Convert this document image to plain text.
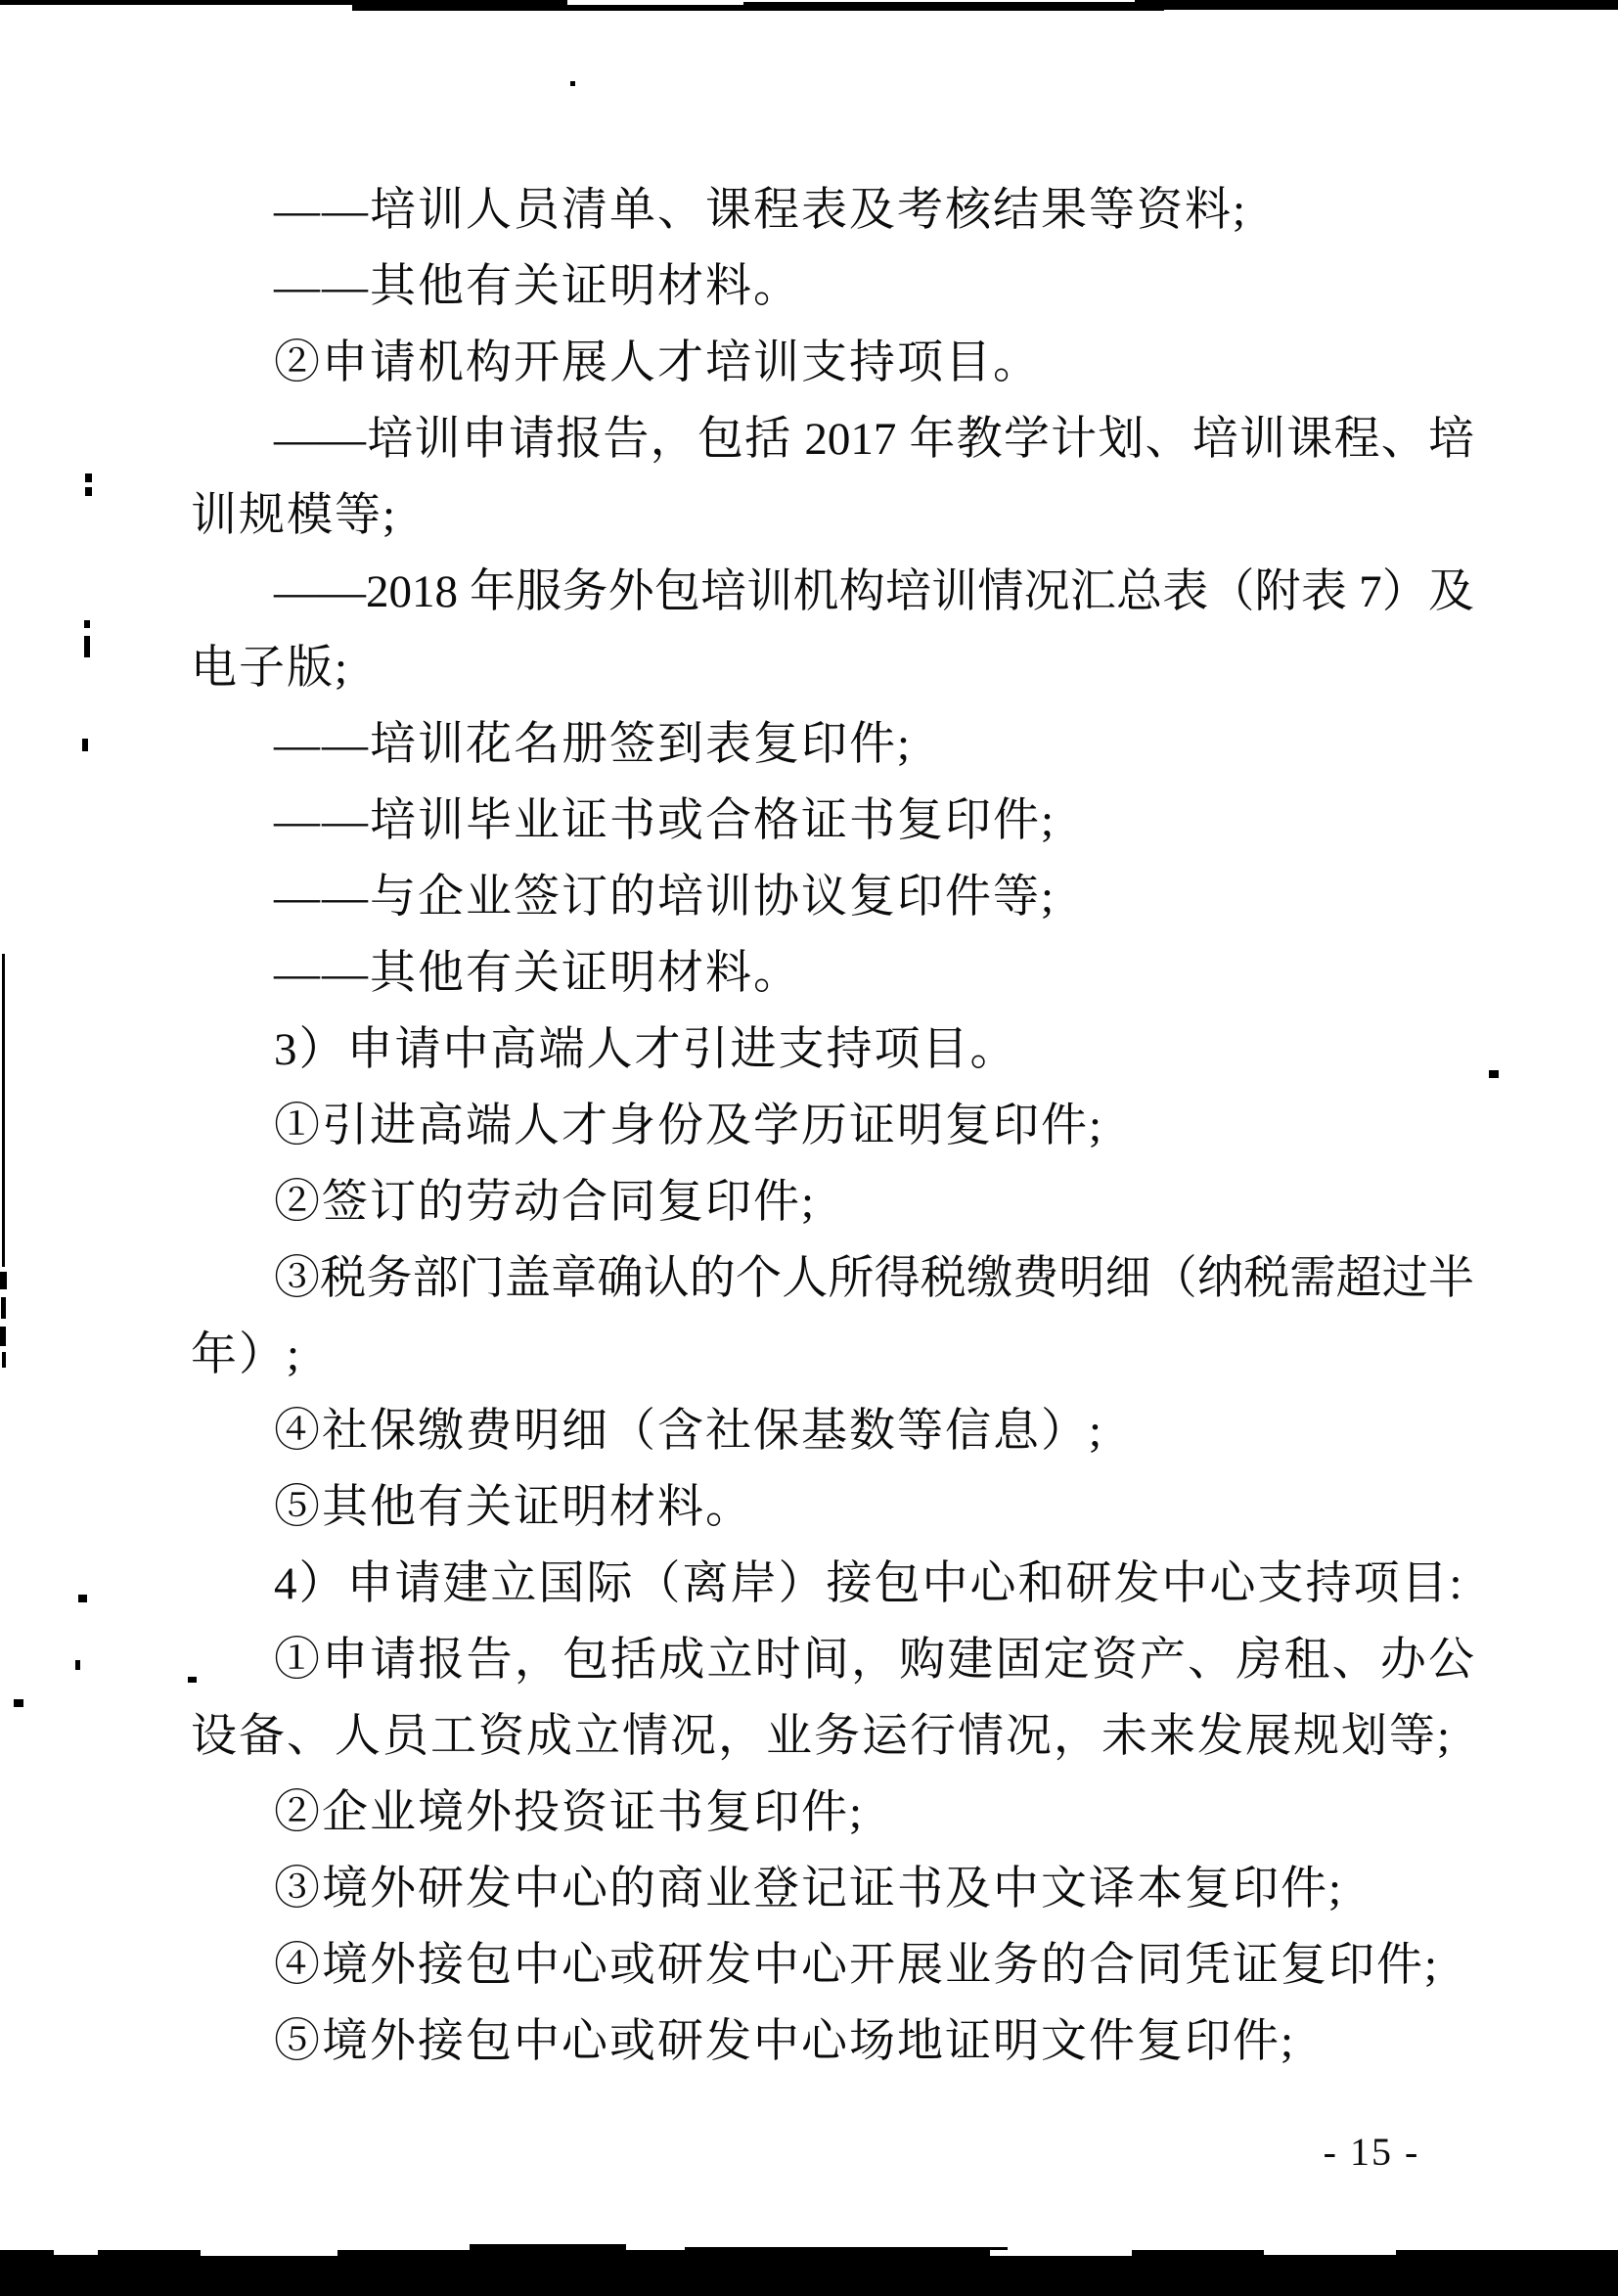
——培训人员清单、课程表及考核结果等资料;
——其他有关证明材料。
②申请机构开展人才培训支持项目。
——培训申请报告，包括 2017 年教学计划、培训课程、培
训规模等;
——2018 年服务外包培训机构培训情况汇总表（附表 7）及
电子版;
——培训花名册签到表复印件;
——培训毕业证书或合格证书复印件;
——与企业签订的培训协议复印件等;
——其他有关证明材料。
3）申请中高端人才引进支持项目。
①引进高端人才身份及学历证明复印件;
②签订的劳动合同复印件;
③税务部门盖章确认的个人所得税缴费明细（纳税需超过半
年）;
④社保缴费明细（含社保基数等信息）;
⑤其他有关证明材料。
4）申请建立国际（离岸）接包中心和研发中心支持项目:
①申请报告，包括成立时间，购建固定资产、房租、办公
设备、人员工资成立情况，业务运行情况，未来发展规划等;
②企业境外投资证书复印件;
③境外研发中心的商业登记证书及中文译本复印件;
④境外接包中心或研发中心开展业务的合同凭证复印件;
⑤境外接包中心或研发中心场地证明文件复印件;
- 15 -
